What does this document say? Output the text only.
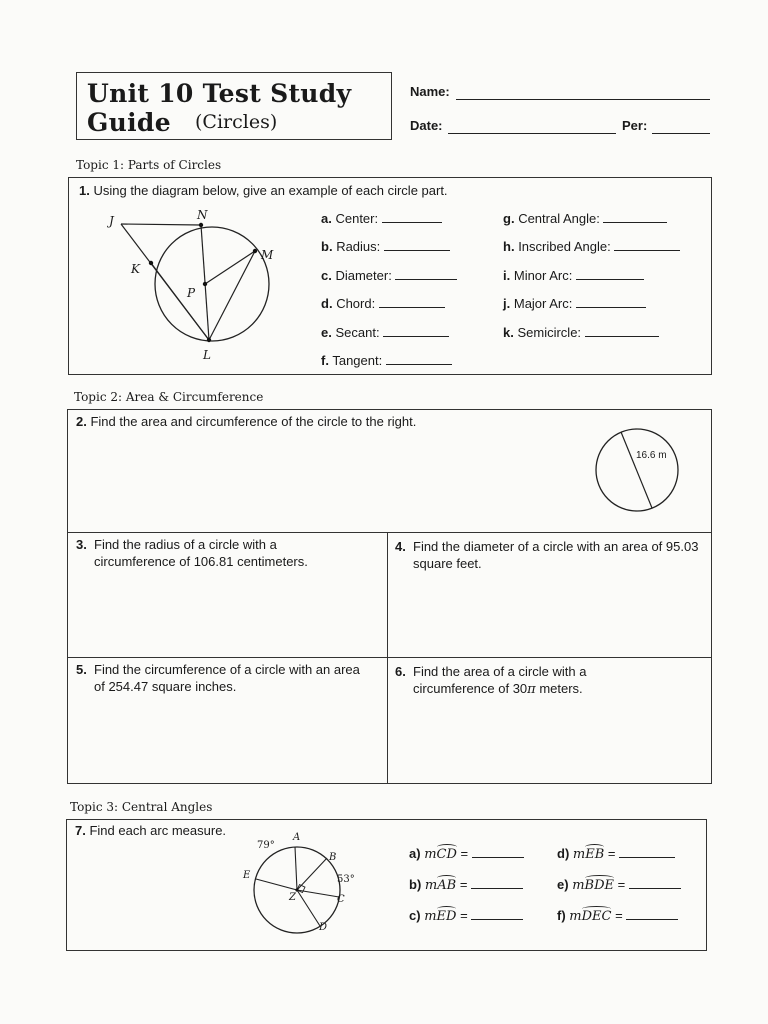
Unit 10 Test Study Guide	(Circles)
Name:
Date:	Per:
Topic 1: Parts of Circles
1. Using the diagram below, give an example of each circle part.
J	N
M
K
P
L
a. Center:
b. Radius:
c. Diameter:
d. Chord:
e. Secant:
f. Tangent:
g. Central Angle:
h. Inscribed Angle:
i. Minor Arc:
j. Major Arc:
k. Semicircle:
Topic 2: Area & Circumference
2. Find the area and circumference of the circle to the right.
16.6 m
3. Find the radius of a circle with a circumference of 106.81 centimeters.
4. Find the diameter of a circle with an area of 95.03 square feet.
5. Find the circumference of a circle with an area of 254.47 square inches.
6. Find the area of a circle with a circumference of 30π meters.
Topic 3: Central Angles
7. Find each arc measure.	A
B
C
D
E
Z
79°
53°
a) mCD =
b) mAB =
c) mED =
d) mEB =
e) mBDE =
f) mDEC =
